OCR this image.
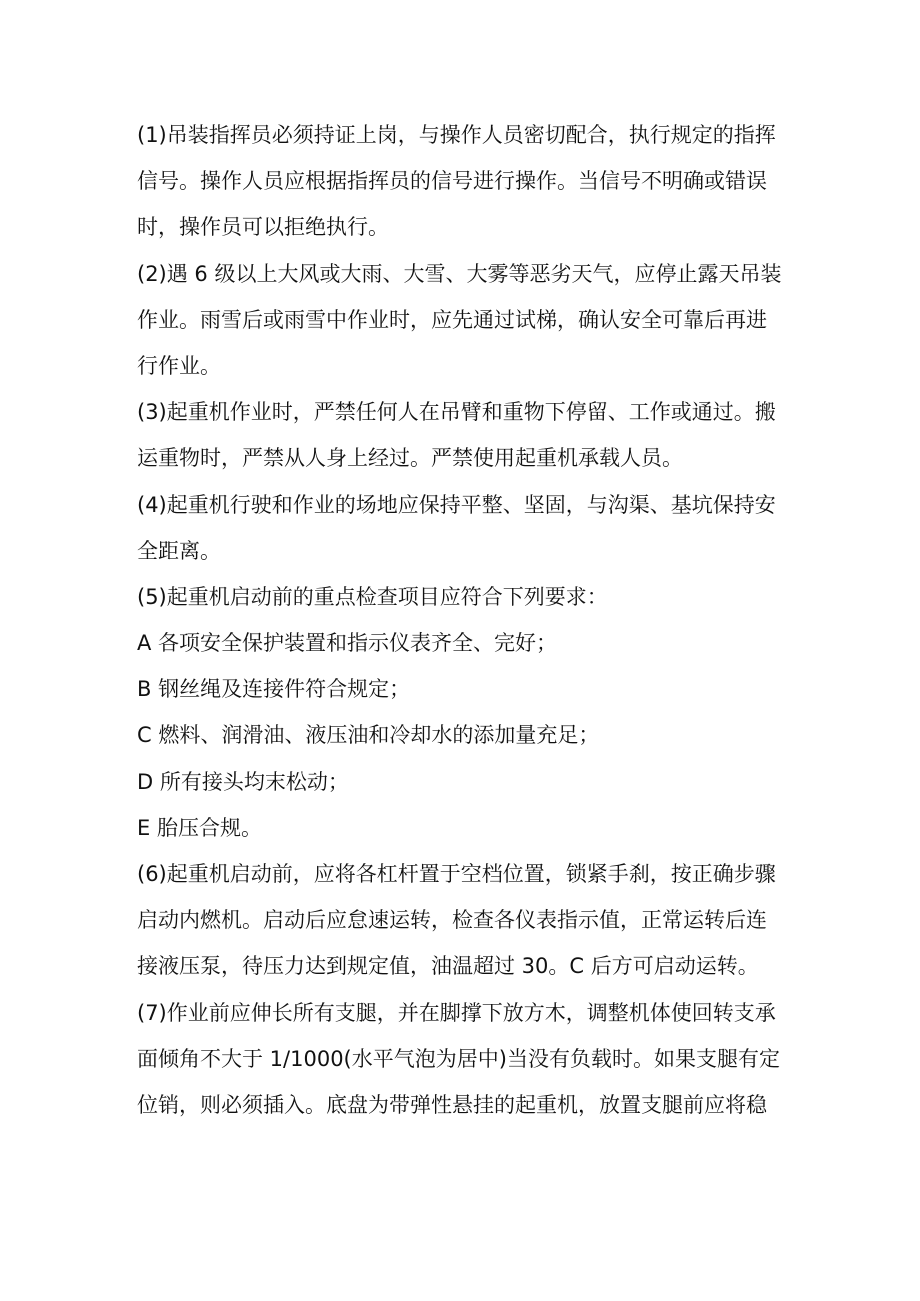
(1)吊装指挥员必须持证上岗，与操作人员密切配合，执行规定的指挥
信号。操作人员应根据指挥员的信号进行操作。当信号不明确或错误
时，操作员可以拒绝执行。
(2)遇 6 级以上大风或大雨、大雪、大雾等恶劣天气，应停止露天吊装
作业。雨雪后或雨雪中作业时，应先通过试梯，确认安全可靠后再进
行作业。
(3)起重机作业时，严禁任何人在吊臂和重物下停留、工作或通过。搬
运重物时，严禁从人身上经过。严禁使用起重机承载人员。
(4)起重机行驶和作业的场地应保持平整、坚固，与沟渠、基坑保持安
全距离。
(5)起重机启动前的重点检查项目应符合下列要求：
A 各项安全保护装置和指示仪表齐全、完好；
B 钢丝绳及连接件符合规定；
C 燃料、润滑油、液压油和冷却水的添加量充足；
D 所有接头均末松动；
E 胎压合规。
(6)起重机启动前，应将各杠杆置于空档位置，锁紧手刹，按正确步骤
启动内燃机。启动后应怠速运转，检查各仪表指示值，正常运转后连
接液压泵，待压力达到规定值，油温超过 30。C 后方可启动运转。
(7)作业前应伸长所有支腿，并在脚撑下放方木，调整机体使回转支承
面倾角不大于 1/1000(水平气泡为居中)当没有负载时。如果支腿有定
位销，则必须插入。底盘为带弹性悬挂的起重机，放置支腿前应将稳
